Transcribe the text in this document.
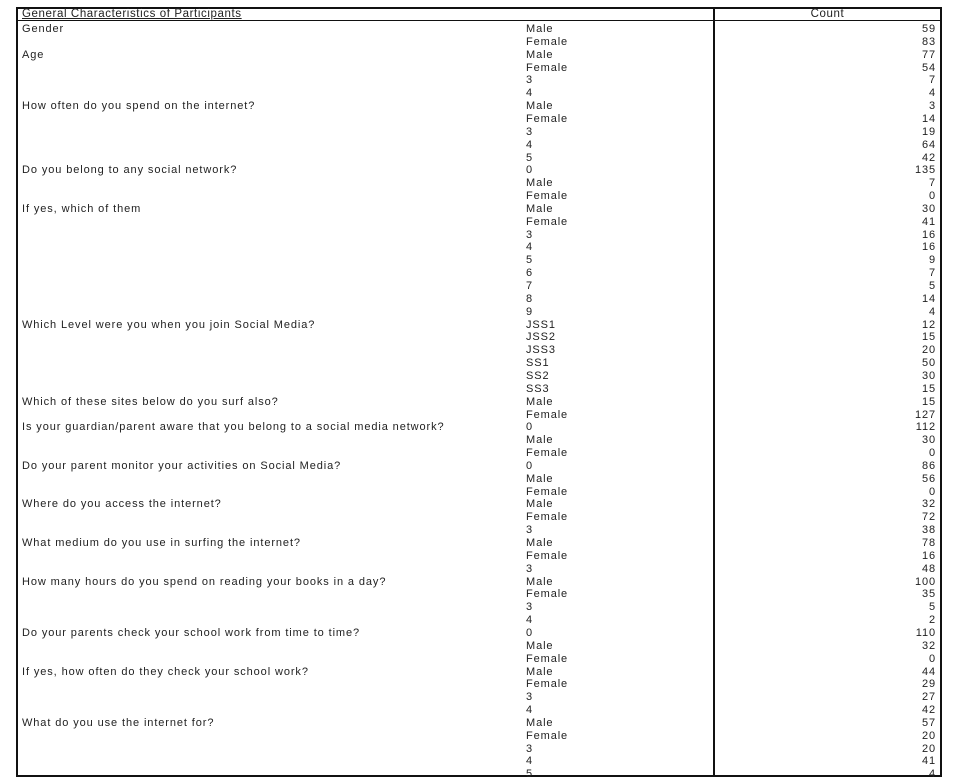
General Characteristics of Participants	Count
Gender	Male	59
Female	83
Age	Male	77
Female	54
3	7
4	4
How often do you spend on the internet?	Male	3
Female	14
3	19
4	64
5	42
Do you belong to any social network?	0	135
Male	7
Female	0
If yes, which of them	Male	30
Female	41
3	16
4	16
5	9
6	7
7	5
8	14
9	4
Which Level were you when you join Social Media?	JSS1	12
JSS2	15
JSS3	20
SS1	50
SS2	30
SS3	15
Which of these sites below do you surf also?	Male	15
Female	127
Is your guardian/parent aware that you belong to a social media network?	0	112
Male	30
Female	0
Do your parent monitor your activities on Social Media?	0	86
Male	56
Female	0
Where do you access the internet?	Male	32
Female	72
3	38
What medium do you use in surfing the internet?	Male	78
Female	16
3	48
How many hours do you spend on reading your books in a day?	Male	100
Female	35
3	5
4	2
Do your parents check your school work from time to time?	0	110
Male	32
Female	0
If yes, how often do they check your school work?	Male	44
Female	29
3	27
4	42
What do you use the internet for?	Male	57
Female	20
3	20
4	41
5	4
